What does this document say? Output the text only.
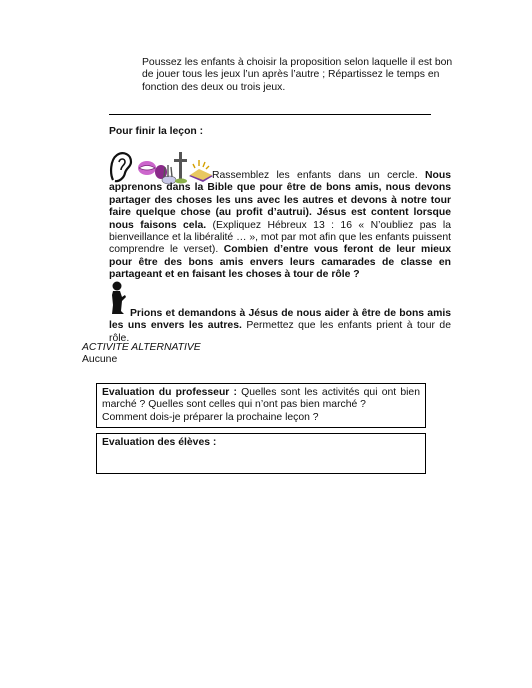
Poussez les enfants à choisir la proposition selon laquelle il est bon de jouer tous les jeux l’un après l’autre ; Répartissez le temps en fonction des deux ou trois jeux.
Pour finir la leçon :
Rassemblez les enfants dans un cercle. Nous apprenons dans la Bible que pour être de bons amis, nous devons partager des choses les uns avec les autres et devons à notre tour faire quelque chose (au profit d’autrui). Jésus est content lorsque nous faisons cela. (Expliquez Hébreux 13 : 16 « N’oubliez pas la bienveillance et la libéralité … », mot par mot afin que les enfants puissent comprendre le verset). Combien d’entre vous feront de leur mieux pour être des bons amis envers leurs camarades de classe en partageant et en faisant les choses à tour de rôle ?
Prions et demandons à Jésus de nous aider à être de bons amis les uns envers les autres. Permettez que les enfants prient à tour de rôle.
ACTIVITE ALTERNATIVE
Aucune

Evaluation du professeur : Quelles sont les activités qui ont bien marché ? Quelles sont celles qui n’ont pas bien marché ?

Comment dois-je préparer la prochaine leçon ?

Evaluation des élèves :
